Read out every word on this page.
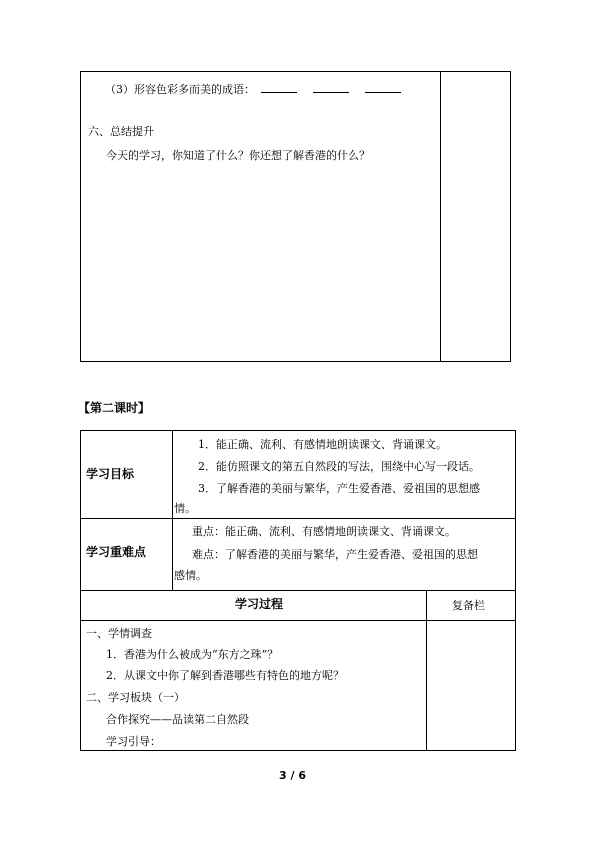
（3）形容色彩多而美的成语：
六、总结提升
今天的学习，你知道了什么？你还想了解香港的什么？
【第二课时】
学习目标
1．能正确、流利、有感情地朗读课文、背诵课文。
2．能仿照课文的第五自然段的写法，围绕中心写一段话。
3．了解香港的美丽与繁华，产生爱香港、爱祖国的思想感
情。
学习重难点
重点：能正确、流利、有感情地朗读课文、背诵课文。
难点：了解香港的美丽与繁华，产生爱香港、爱祖国的思想
感情。
学习过程	复备栏
一、学情调查
1．香港为什么被成为“东方之珠”？
2．从课文中你了解到香港哪些有特色的地方呢？
二、学习板块（一）
合作探究——品读第二自然段
学习引导：
3 / 6
